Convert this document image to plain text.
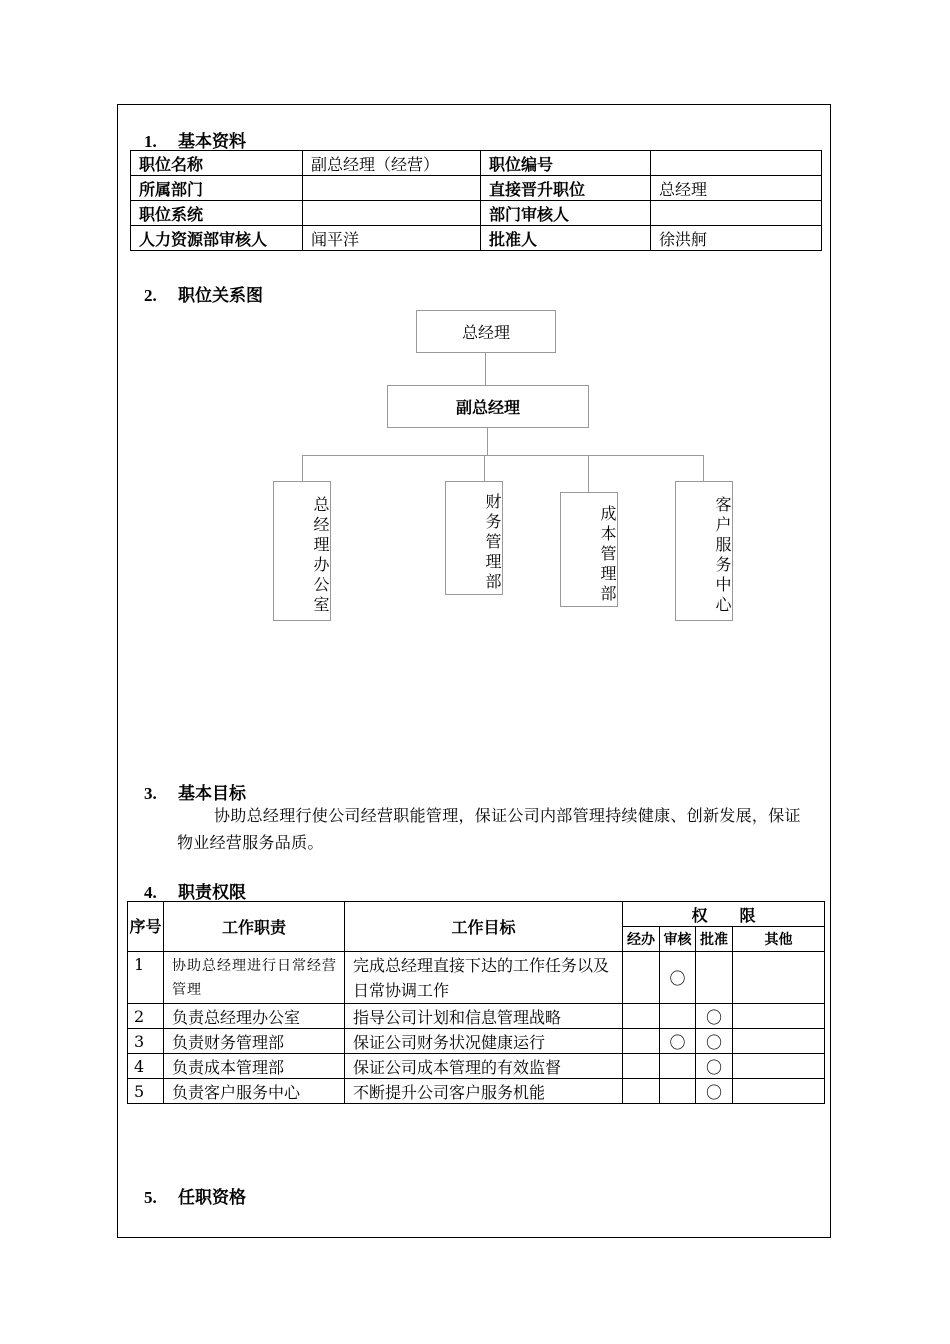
1. 基本资料
职位名称	副总经理（经营）	职位编号	
所属部门		直接晋升职位	总经理
职位系统		部门审核人	
人力资源部审核人	闻平洋	批准人	徐洪舸
2. 职位关系图
总经理
副总经理
总经理办公室	财务管理部	成本管理部	客户服务中心
3. 基本目标
协助总经理行使公司经营职能管理，保证公司内部管理持续健康、创新发展，保证物业经营服务品质。
4. 职责权限
序号	工作职责	工作目标	权　　限			
			经办	审核	批准	其他
1	协助总经理进行日常经营管理	完成总经理直接下达的工作任务以及日常协调工作		〇		
2	负责总经理办公室	指导公司计划和信息管理战略			〇	
3	负责财务管理部	保证公司财务状况健康运行		〇	〇	
4	负责成本管理部	保证公司成本管理的有效监督			〇	
5	负责客户服务中心	不断提升公司客户服务机能			〇	
5. 任职资格
